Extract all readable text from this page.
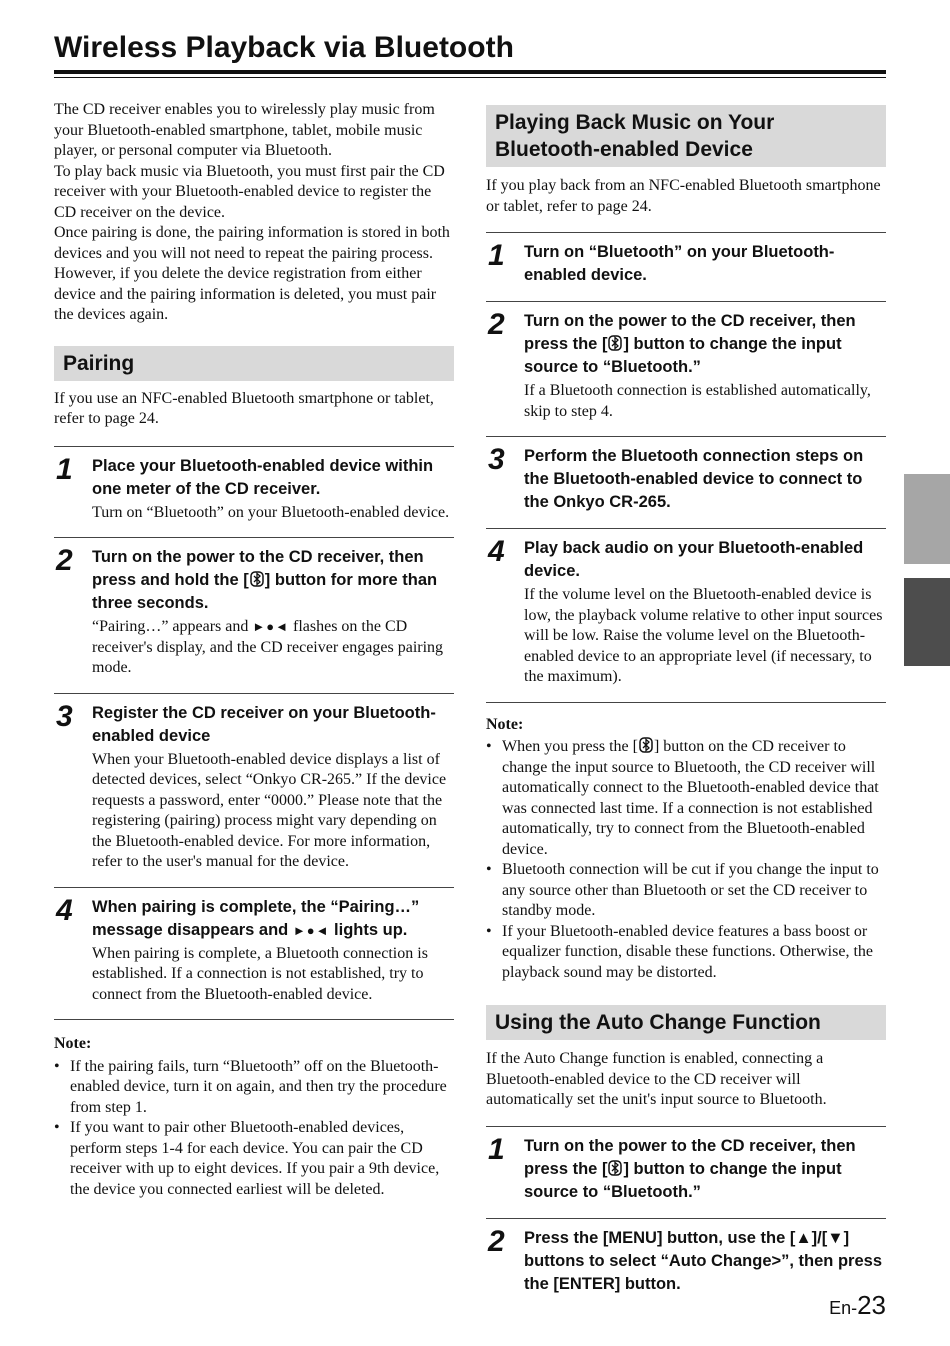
Wireless Playback via Bluetooth

The CD receiver enables you to wirelessly play music from your Bluetooth-enabled smartphone, tablet, mobile music player, or personal computer via Bluetooth.

To play back music via Bluetooth, you must first pair the CD receiver with your Bluetooth-enabled device to register the CD receiver on the device.

Once pairing is done, the pairing information is stored in both devices and you will not need to repeat the pairing process. However, if you delete the device registration from either device and the pairing information is deleted, you must pair the devices again.

Pairing

If you use an NFC-enabled Bluetooth smartphone or tablet, refer to page 24.

1 Place your Bluetooth-enabled device within one meter of the CD receiver.
Turn on “Bluetooth” on your Bluetooth-enabled device.
2 Turn on the power to the CD receiver, then press and hold the [ ] button for more than three seconds.
“Pairing…” appears and ►●◄ flashes on the CD receiver's display, and the CD receiver engages pairing mode.
3 Register the CD receiver on your Bluetooth-enabled device
When your Bluetooth-enabled device displays a list of detected devices, select “Onkyo CR-265.” If the device requests a password, enter “0000.” Please note that the registering (pairing) process might vary depending on the Bluetooth-enabled device. For more information, refer to the user's manual for the device.
4 When pairing is complete, the “Pairing…” message disappears and ►●◄ lights up.
When pairing is complete, a Bluetooth connection is established. If a connection is not established, try to connect from the Bluetooth-enabled device.
Note:
• If the pairing fails, turn “Bluetooth” off on the Bluetooth-enabled device, turn it on again, and then try the procedure from step 1.
• If you want to pair other Bluetooth-enabled devices, perform steps 1-4 for each device. You can pair the CD receiver with up to eight devices. If you pair a 9th device, the device you connected earliest will be deleted.
Playing Back Music on Your Bluetooth-enabled Device

If you play back from an NFC-enabled Bluetooth smartphone or tablet, refer to page 24.

1 Turn on “Bluetooth” on your Bluetooth-enabled device.
2 Turn on the power to the CD receiver, then press the [ ] button to change the input source to “Bluetooth.”
If a Bluetooth connection is established automatically, skip to step 4.
3 Perform the Bluetooth connection steps on the Bluetooth-enabled device to connect to the Onkyo CR-265.
4 Play back audio on your Bluetooth-enabled device.
If the volume level on the Bluetooth-enabled device is low, the playback volume relative to other input sources will be low. Raise the volume level on the Bluetooth-enabled device to an appropriate level (if necessary, to the maximum).
Note:
• When you press the [ ] button on the CD receiver to change the input source to Bluetooth, the CD receiver will automatically connect to the Bluetooth-enabled device that was connected last time. If a connection is not established automatically, try to connect from the Bluetooth-enabled device.
• Bluetooth connection will be cut if you change the input to any source other than Bluetooth or set the CD receiver to standby mode.
• If your Bluetooth-enabled device features a bass boost or equalizer function, disable these functions. Otherwise, the playback sound may be distorted.
Using the Auto Change Function

If the Auto Change function is enabled, connecting a Bluetooth-enabled device to the CD receiver will automatically set the unit's input source to Bluetooth.

1 Turn on the power to the CD receiver, then press the [ ] button to change the input source to “Bluetooth.”
2 Press the [MENU] button, use the [▲]/[▼] buttons to select “Auto Change>”, then press the [ENTER] button.
En-23
